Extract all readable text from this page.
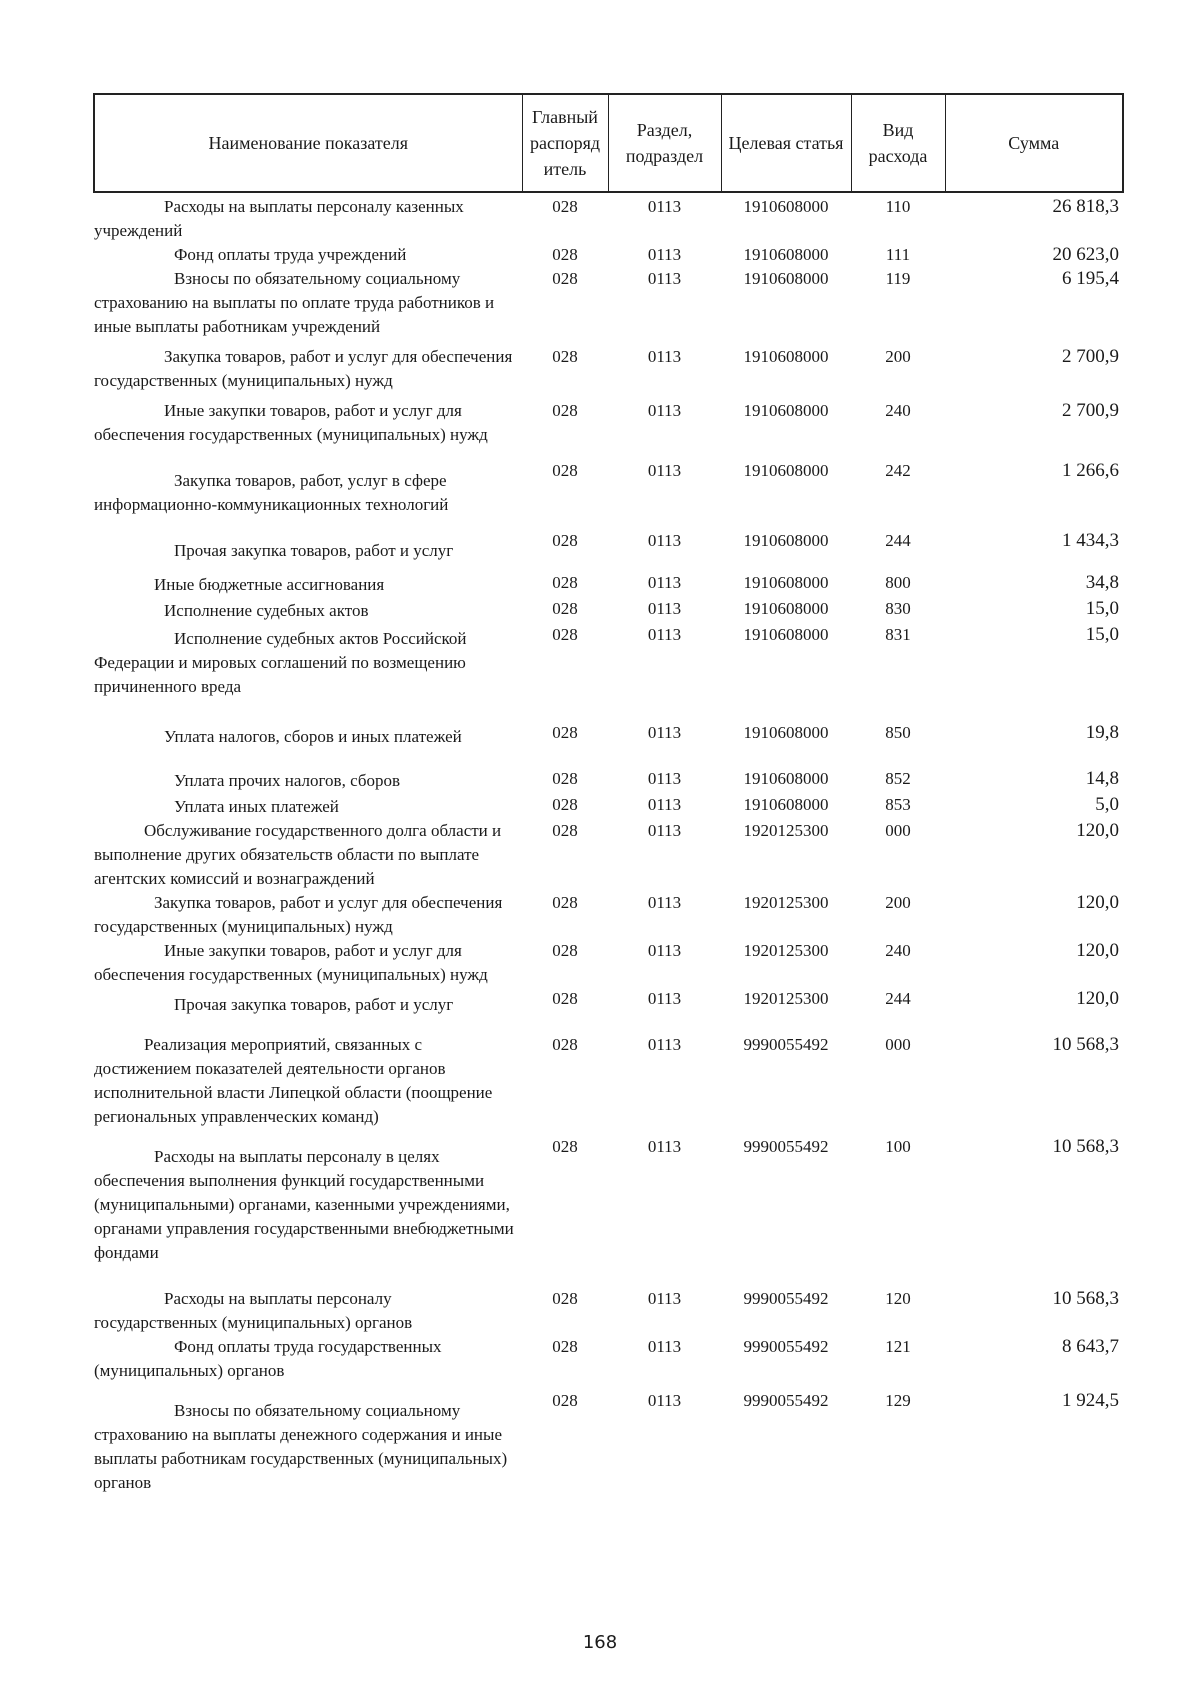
Наименование показателя	Главный распоряд итель	Раздел, подраздел	Целевая статья	Вид расхода	Сумма
Расходы на выплаты персоналу казенных учреждений	028	0113	1910608000	110	26 818,3
Фонд оплаты труда учреждений	028	0113	1910608000	111	20 623,0
Взносы по обязательному социальному страхованию на выплаты по оплате труда работников и иные выплаты работникам учреждений	028	0113	1910608000	119	6 195,4
Закупка товаров, работ и услуг для обеспечения государственных (муниципальных) нужд	028	0113	1910608000	200	2 700,9
Иные закупки товаров, работ и услуг для обеспечения государственных (муниципальных) нужд	028	0113	1910608000	240	2 700,9
Закупка товаров, работ, услуг в сфере информационно-коммуникационных технологий	028	0113	1910608000	242	1 266,6
Прочая закупка товаров, работ и услуг	028	0113	1910608000	244	1 434,3
Иные бюджетные ассигнования	028	0113	1910608000	800	34,8
Исполнение судебных актов	028	0113	1910608000	830	15,0
Исполнение судебных актов Российской Федерации и мировых соглашений по возмещению причиненного вреда	028	0113	1910608000	831	15,0
Уплата налогов, сборов и иных платежей	028	0113	1910608000	850	19,8
Уплата прочих налогов, сборов	028	0113	1910608000	852	14,8
Уплата иных платежей	028	0113	1910608000	853	5,0
Обслуживание государственного долга области и выполнение других обязательств области по выплате агентских комиссий и вознаграждений	028	0113	1920125300	000	120,0
Закупка товаров, работ и услуг для обеспечения государственных (муниципальных) нужд	028	0113	1920125300	200	120,0
Иные закупки товаров, работ и услуг для обеспечения государственных (муниципальных) нужд	028	0113	1920125300	240	120,0
Прочая закупка товаров, работ и услуг	028	0113	1920125300	244	120,0
Реализация мероприятий, связанных с достижением показателей деятельности органов исполнительной власти Липецкой области (поощрение региональных управленческих команд)	028	0113	9990055492	000	10 568,3
Расходы на выплаты персоналу в целях обеспечения выполнения функций государственными (муниципальными) органами, казенными учреждениями, органами управления государственными внебюджетными фондами	028	0113	9990055492	100	10 568,3
Расходы на выплаты персоналу государственных (муниципальных) органов	028	0113	9990055492	120	10 568,3
Фонд оплаты труда государственных (муниципальных) органов	028	0113	9990055492	121	8 643,7
Взносы по обязательному социальному страхованию на выплаты денежного содержания и иные выплаты работникам государственных (муниципальных) органов	028	0113	9990055492	129	1 924,5
168
